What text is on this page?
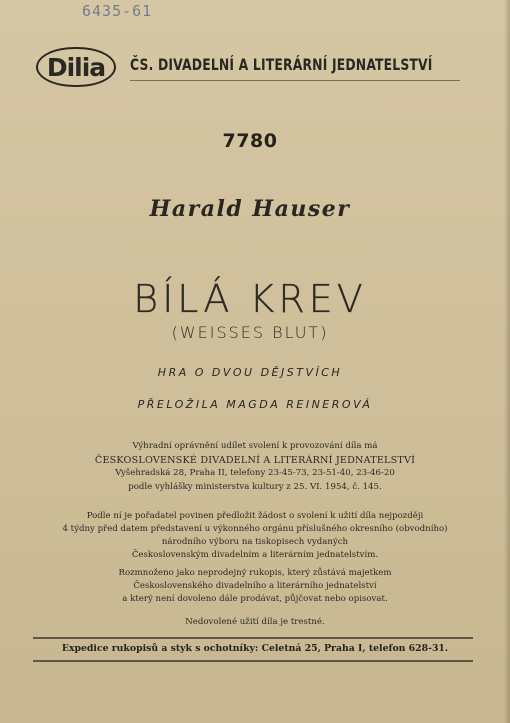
6435-61
Dilia ČS. DIVADELNÍ A LITERÁRNÍ JEDNATELSTVÍ
7780
Harald Hauser
BÍLÁ KREV
(WEISSES BLUT)
HRA O DVOU DĚJSTVÍCH
PŘELOŽILA MAGDA REINEROVÁ
Výhradní oprávnění udílet svolení k provozování díla má
ČESKOSLOVENSKÉ DIVADELNÍ A LITERÁRNÍ JEDNATELSTVÍ
Vyšehradská 28, Praha II, telefony 23-45-73, 23-51-40, 23-46-20
podle vyhlášky ministerstva kultury z 25. VI. 1954, č. 145.
Podle ní je pořadatel povinen předložit žádost o svolení k užití díla nejpozději
4 týdny před datem představení u výkonného orgánu příslušného okresního (obvodního)
národního výboru na tiskopisech vydaných
Československým divadelním a literárním jednatelstvím.
Rozmnoženo jako neprodejný rukopis, který zůstává majetkem
Československého divadelního a literárního jednatelství
a který není dovoleno dále prodávat, půjčovat nebo opisovat.
Nedovolené užití díla je trestné.
Expedice rukopisů a styk s ochotníky: Celetná 25, Praha I, telefon 628-31.
